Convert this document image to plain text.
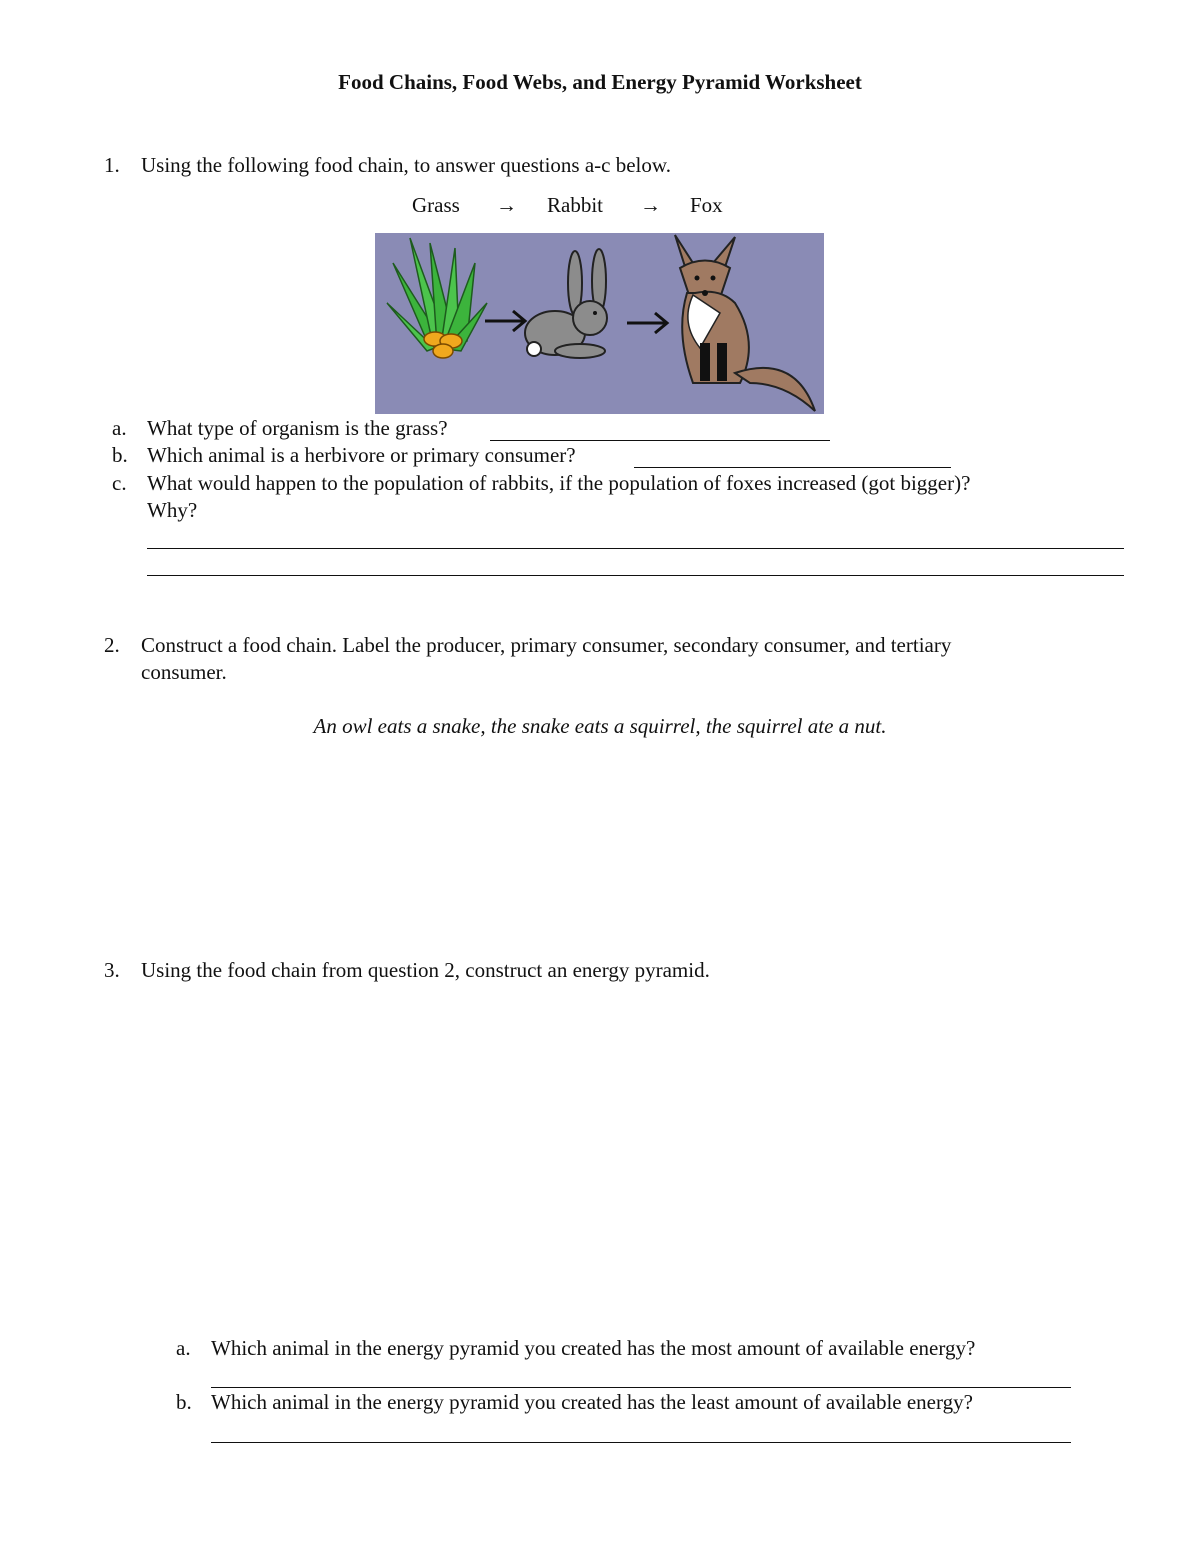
Food Chains, Food Webs, and Energy Pyramid Worksheet
1. Using the following food chain, to answer questions a-c below.
Grass → Rabbit → Fox
a. What type of organism is the grass?
b. Which animal is a herbivore or primary consumer?
c. What would happen to the population of rabbits, if the population of foxes increased (got bigger)?
Why?
2. Construct a food chain. Label the producer, primary consumer, secondary consumer, and tertiary
consumer.
An owl eats a snake, the snake eats a squirrel, the squirrel ate a nut.
3. Using the food chain from question 2, construct an energy pyramid.
a. Which animal in the energy pyramid you created has the most amount of available energy?
b. Which animal in the energy pyramid you created has the least amount of available energy?
